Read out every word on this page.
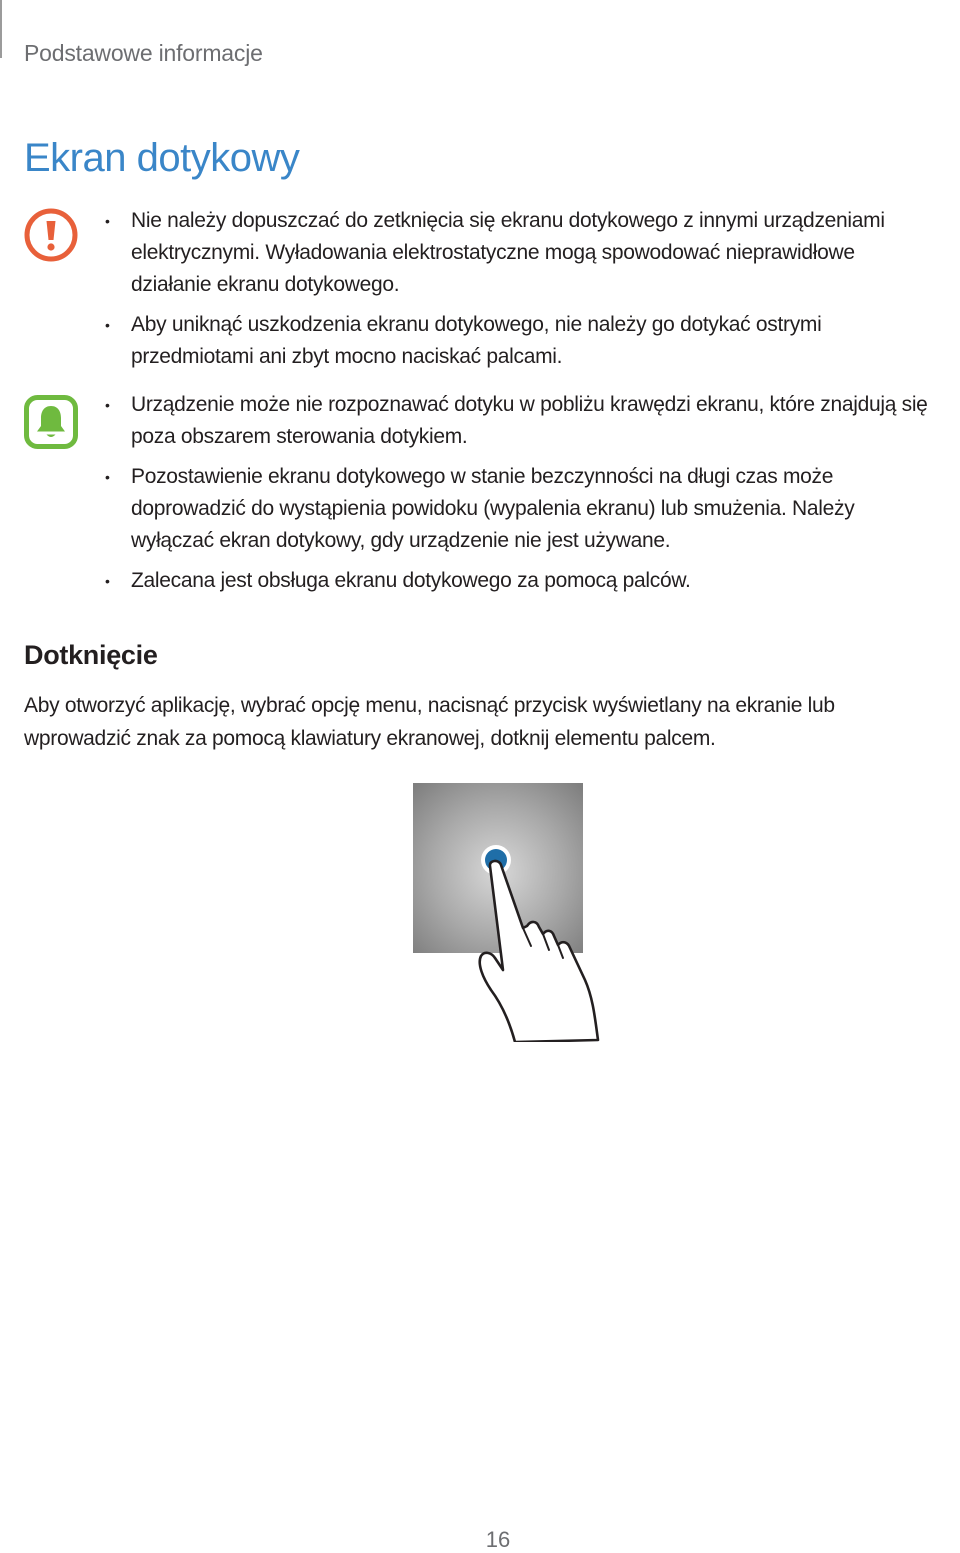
Podstawowe informacje
Ekran dotykowy
• Nie należy dopuszczać do zetknięcia się ekranu dotykowego z innymi urządzeniami
elektrycznymi. Wyładowania elektrostatyczne mogą spowodować nieprawidłowe
działanie ekranu dotykowego.
• Aby uniknąć uszkodzenia ekranu dotykowego, nie należy go dotykać ostrymi
przedmiotami ani zbyt mocno naciskać palcami.
• Urządzenie może nie rozpoznawać dotyku w pobliżu krawędzi ekranu, które znajdują się
poza obszarem sterowania dotykiem.
• Pozostawienie ekranu dotykowego w stanie bezczynności na długi czas może
doprowadzić do wystąpienia powidoku (wypalenia ekranu) lub smużenia. Należy
wyłączać ekran dotykowy, gdy urządzenie nie jest używane.
• Zalecana jest obsługa ekranu dotykowego za pomocą palców.
Dotknięcie

Aby otworzyć aplikację, wybrać opcję menu, nacisnąć przycisk wyświetlany na ekranie lub
wprowadzić znak za pomocą klawiatury ekranowej, dotknij elementu palcem.

16
